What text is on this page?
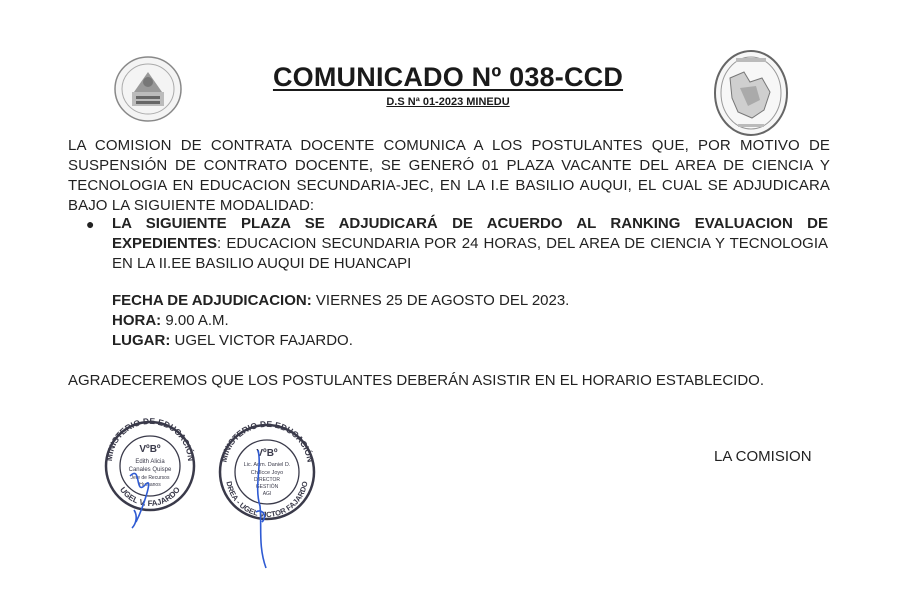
COMUNICADO Nº 038-CCD
D.S Nª 01-2023 MINEDU
LA COMISION DE CONTRATA DOCENTE COMUNICA A LOS POSTULANTES QUE, POR MOTIVO DE SUSPENSIÓN DE CONTRATO DOCENTE, SE GENERÓ 01 PLAZA VACANTE DEL AREA DE CIENCIA Y TECNOLOGIA EN EDUCACION SECUNDARIA-JEC, EN LA I.E BASILIO AUQUI, EL CUAL SE ADJUDICARA BAJO LA SIGUIENTE MODALIDAD:
● LA SIGUIENTE PLAZA SE ADJUDICARÁ DE ACUERDO AL RANKING EVALUACION DE EXPEDIENTES: EDUCACION SECUNDARIA POR 24 HORAS, DEL AREA DE CIENCIA Y TECNOLOGIA EN LA II.EE BASILIO AUQUI DE HUANCAPI
FECHA DE ADJUDICACION: VIERNES 25 DE AGOSTO DEL 2023.
HORA: 9.00 A.M.
LUGAR: UGEL VICTOR FAJARDO.
AGRADECEREMOS QUE LOS POSTULANTES DEBERÁN ASISTIR EN EL HORARIO ESTABLECIDO.
MINISTERIO DE EDUCACIÓN
UGEL V. FAJARDO
VºBº
Edith Alicia
Canales Quispe
Jefe de Recursos
Humanos
MINISTERIO DE EDUCACIÓN
DREA - UGEL VICTOR FAJARDO
VºBº
Lic. Adm. Daniel D.
Chillcce Joyo
DIRECTOR
GESTIÓN
AGI
LA COMISION
